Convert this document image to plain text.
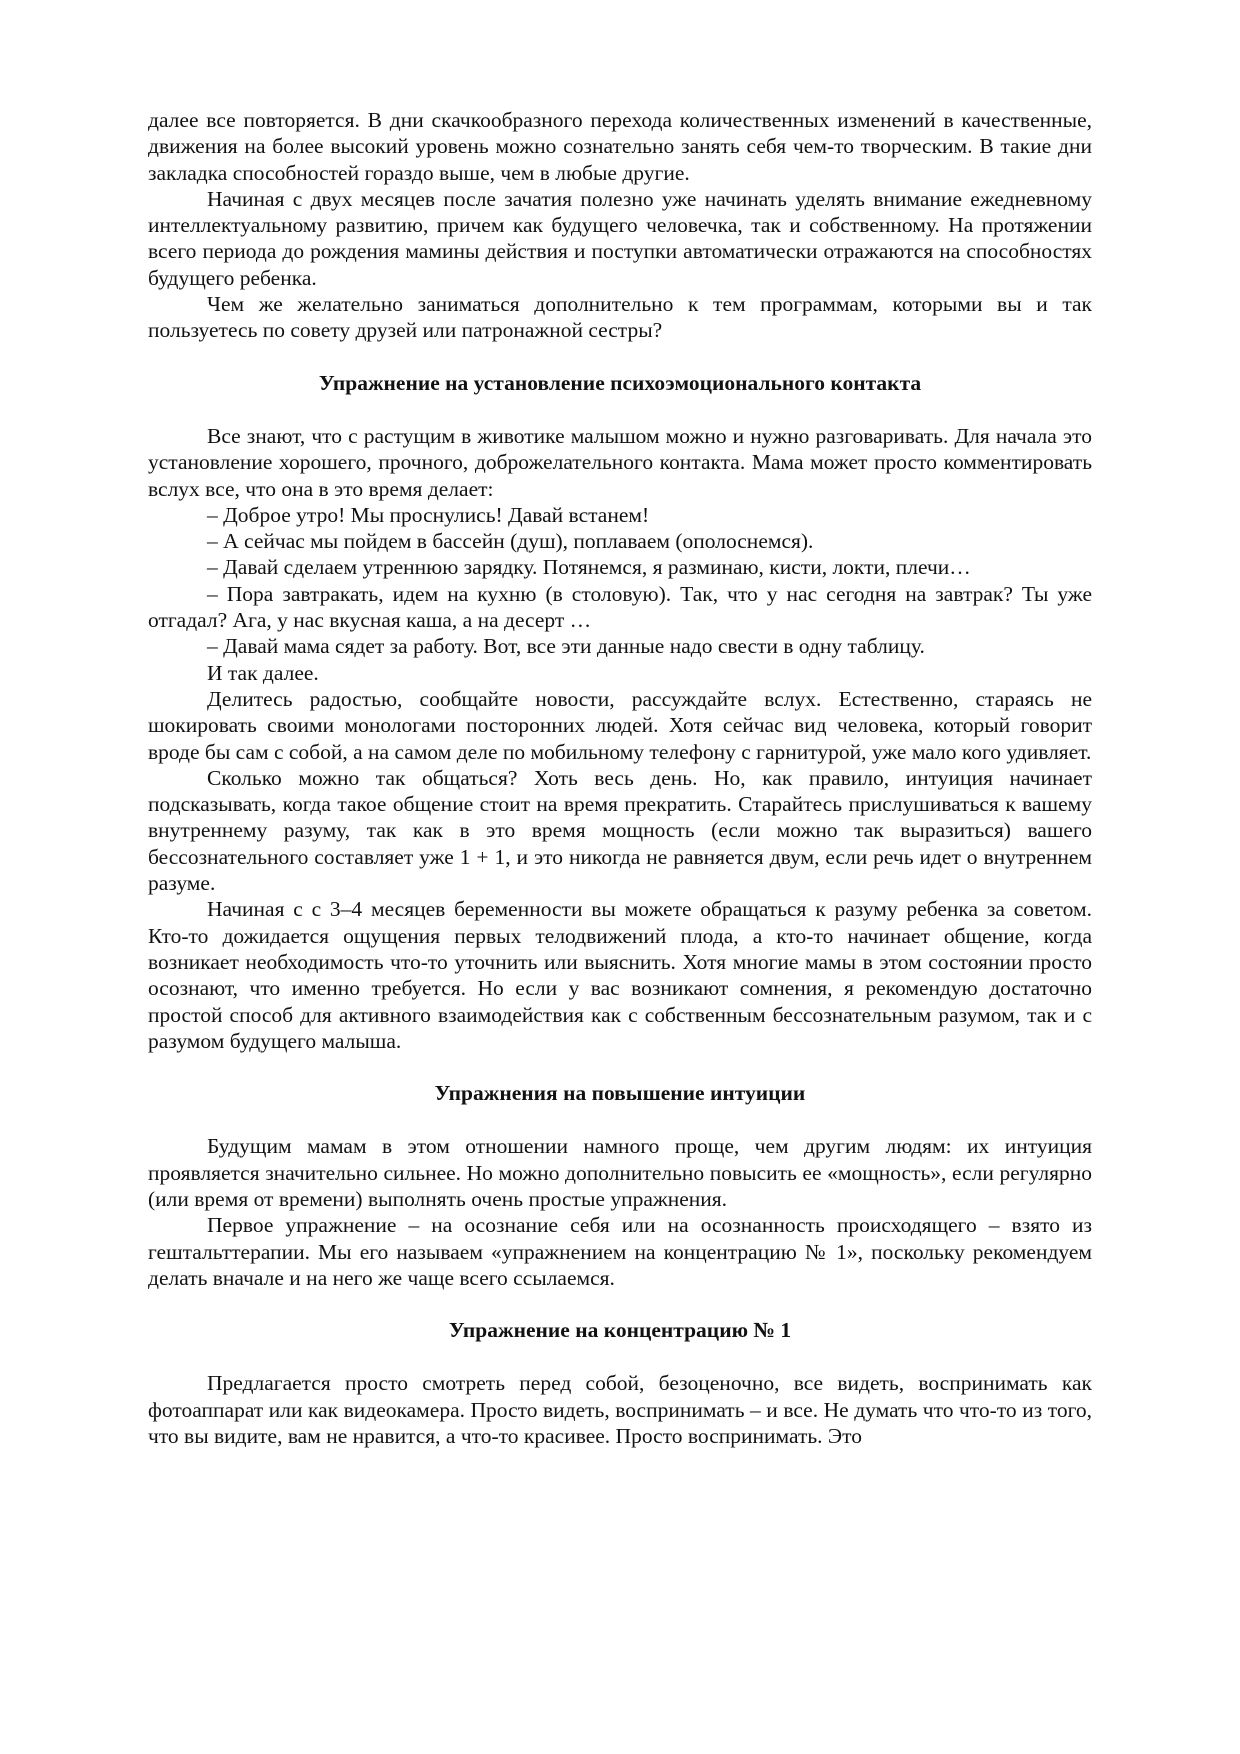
далее все повторяется. В дни скачкообразного перехода количественных изменений в качественные, движения на более высокий уровень можно сознательно занять себя чем-то творческим. В такие дни закладка способностей гораздо выше, чем в любые другие.

Начиная с двух месяцев после зачатия полезно уже начинать уделять внимание ежедневному интеллектуальному развитию, причем как будущего человечка, так и собственному. На протяжении всего периода до рождения мамины действия и поступки автоматически отражаются на способностях будущего ребенка.

Чем же желательно заниматься дополнительно к тем программам, которыми вы и так пользуетесь по совету друзей или патронажной сестры?

Упражнение на установление психоэмоционального контакта

Все знают, что с растущим в животике малышом можно и нужно разговаривать. Для начала это установление хорошего, прочного, доброжелательного контакта. Мама может просто комментировать вслух все, что она в это время делает:

– Доброе утро! Мы проснулись! Давай встанем!

– А сейчас мы пойдем в бассейн (душ), поплаваем (ополоснемся).

– Давай сделаем утреннюю зарядку. Потянемся, я разминаю, кисти, локти, плечи…

– Пора завтракать, идем на кухню (в столовую). Так, что у нас сегодня на завтрак? Ты уже отгадал? Ага, у нас вкусная каша, а на десерт …

– Давай мама сядет за работу. Вот, все эти данные надо свести в одну таблицу.

И так далее.

Делитесь радостью, сообщайте новости, рассуждайте вслух. Естественно, стараясь не шокировать своими монологами посторонних людей. Хотя сейчас вид человека, который говорит вроде бы сам с собой, а на самом деле по мобильному телефону с гарнитурой, уже мало кого удивляет.

Сколько можно так общаться? Хоть весь день. Но, как правило, интуиция начинает подсказывать, когда такое общение стоит на время прекратить. Старайтесь прислушиваться к вашему внутреннему разуму, так как в это время мощность (если можно так выразиться) вашего бессознательного составляет уже 1 + 1, и это никогда не равняется двум, если речь идет о внутреннем разуме.

Начиная с с 3–4 месяцев беременности вы можете обращаться к разуму ребенка за советом. Кто-то дожидается ощущения первых телодвижений плода, а кто-то начинает общение, когда возникает необходимость что-то уточнить или выяснить. Хотя многие мамы в этом состоянии просто осознают, что именно требуется. Но если у вас возникают сомнения, я рекомендую достаточно простой способ для активного взаимодействия как с собственным бессознательным разумом, так и с разумом будущего малыша.

Упражнения на повышение интуиции

Будущим мамам в этом отношении намного проще, чем другим людям: их интуиция проявляется значительно сильнее. Но можно дополнительно повысить ее «мощность», если регулярно (или время от времени) выполнять очень простые упражнения.

Первое упражнение – на осознание себя или на осознанность происходящего – взято из гештальттерапии. Мы его называем «упражнением на концентрацию № 1», поскольку рекомендуем делать вначале и на него же чаще всего ссылаемся.

Упражнение на концентрацию № 1

Предлагается просто смотреть перед собой, безоценочно, все видеть, воспринимать как фотоаппарат или как видеокамера. Просто видеть, воспринимать – и все. Не думать что что-то из того, что вы видите, вам не нравится, а что-то красивее. Просто воспринимать. Это
